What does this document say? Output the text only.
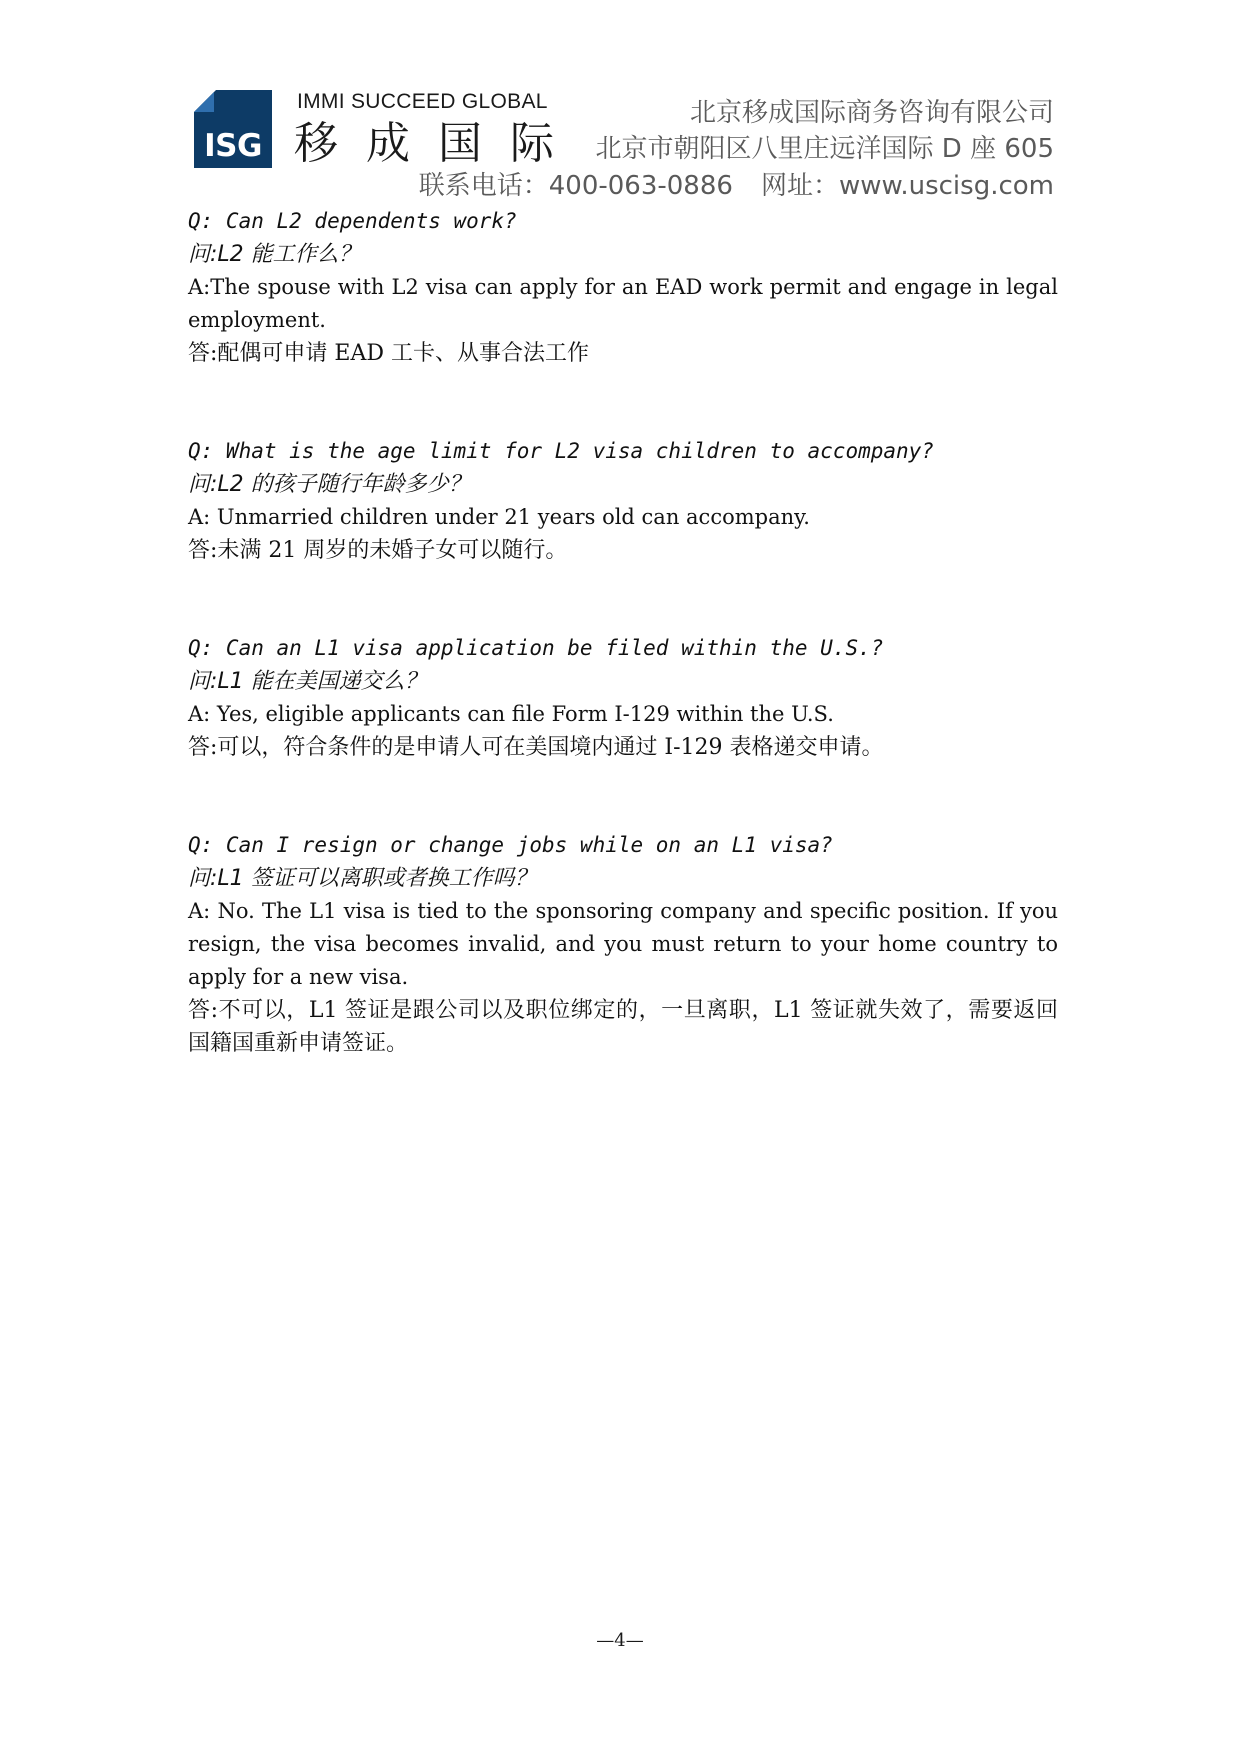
ISG
IMMI SUCCEED GLOBAL
移成国际
北京移成国际商务咨询有限公司
北京市朝阳区八里庄远洋国际 D 座 605
联系电话：400-063-0886 网址：www.uscisg.com

Q: Can L2 dependents work?

问:L2 能工作么？

A:The spouse with L2 visa can apply for an EAD work permit and engage in legal employment.

答:配偶可申请 EAD 工卡、从事合法工作

Q: What is the age limit for L2 visa children to accompany?

问:L2 的孩子随行年龄多少？

A: Unmarried children under 21 years old can accompany.

答:未满 21 周岁的未婚子女可以随行。

Q: Can an L1 visa application be filed within the U.S.?

问:L1 能在美国递交么？

A: Yes, eligible applicants can file Form I-129 within the U.S.

答:可以，符合条件的是申请人可在美国境内通过 I-129 表格递交申请。

Q: Can I resign or change jobs while on an L1 visa?

问:L1 签证可以离职或者换工作吗？

A: No. The L1 visa is tied to the sponsoring company and specific position. If you resign, the visa becomes invalid, and you must return to your home country to apply for a new visa.

答:不可以，L1 签证是跟公司以及职位绑定的，一旦离职，L1 签证就失效了，需要返回国籍国重新申请签证。

—4—
